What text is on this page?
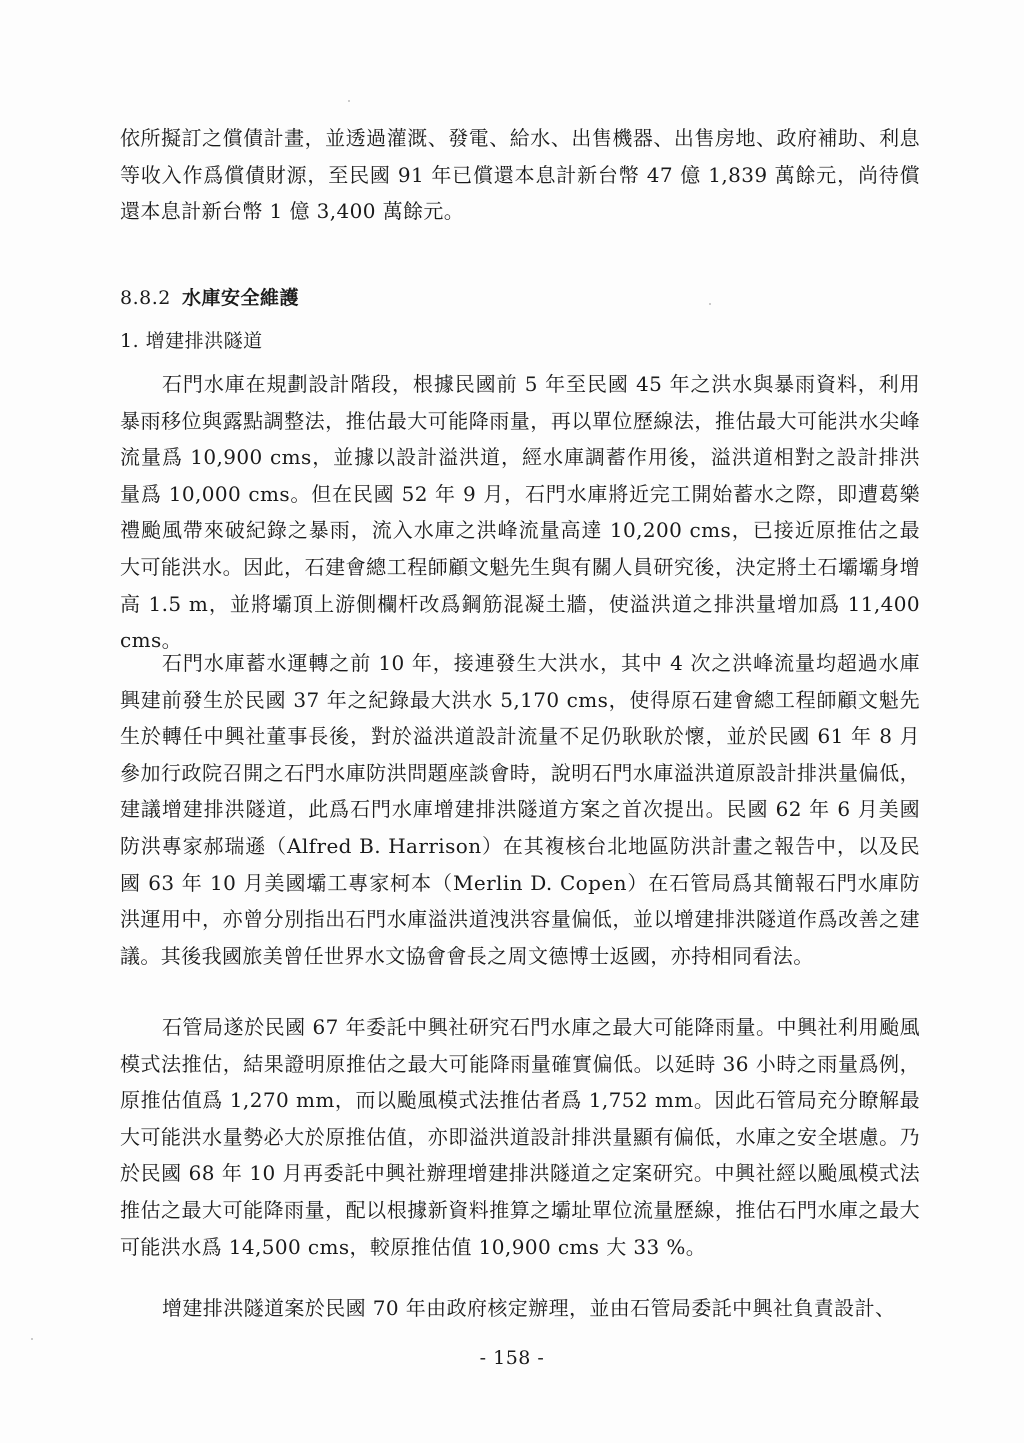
依所擬訂之償債計畫，並透過灌溉、發電、給水、出售機器、出售房地、政府補助、利息等收入作爲償債財源，至民國 91 年已償還本息計新台幣 47 億 1,839 萬餘元，尚待償還本息計新台幣 1 億 3,400 萬餘元。

8.8.2 水庫安全維護
1. 增建排洪隧道

石門水庫在規劃設計階段，根據民國前 5 年至民國 45 年之洪水與暴雨資料，利用暴雨移位與露點調整法，推估最大可能降雨量，再以單位歷線法，推估最大可能洪水尖峰流量爲 10,900 cms，並據以設計溢洪道，經水庫調蓄作用後，溢洪道相對之設計排洪量爲 10,000 cms。但在民國 52 年 9 月，石門水庫將近完工開始蓄水之際，即遭葛樂禮颱風帶來破紀錄之暴雨，流入水庫之洪峰流量高達 10,200 cms，已接近原推估之最大可能洪水。因此，石建會總工程師顧文魁先生與有關人員研究後，決定將土石壩壩身增高 1.5 m，並將壩頂上游側欄杆改爲鋼筋混凝土牆，使溢洪道之排洪量增加爲 11,400 cms。

石門水庫蓄水運轉之前 10 年，接連發生大洪水，其中 4 次之洪峰流量均超過水庫興建前發生於民國 37 年之紀錄最大洪水 5,170 cms，使得原石建會總工程師顧文魁先生於轉任中興社董事長後，對於溢洪道設計流量不足仍耿耿於懷，並於民國 61 年 8 月參加行政院召開之石門水庫防洪問題座談會時，說明石門水庫溢洪道原設計排洪量偏低，建議增建排洪隧道，此爲石門水庫增建排洪隧道方案之首次提出。民國 62 年 6 月美國防洪專家郝瑞遜（Alfred B. Harrison）在其複核台北地區防洪計畫之報告中，以及民國 63 年 10 月美國壩工專家柯本（Merlin D. Copen）在石管局爲其簡報石門水庫防洪運用中，亦曾分別指出石門水庫溢洪道洩洪容量偏低，並以增建排洪隧道作爲改善之建議。其後我國旅美曾任世界水文協會會長之周文德博士返國，亦持相同看法。

石管局遂於民國 67 年委託中興社研究石門水庫之最大可能降雨量。中興社利用颱風模式法推估，結果證明原推估之最大可能降雨量確實偏低。以延時 36 小時之雨量爲例，原推估值爲 1,270 mm，而以颱風模式法推估者爲 1,752 mm。因此石管局充分瞭解最大可能洪水量勢必大於原推估值，亦即溢洪道設計排洪量顯有偏低，水庫之安全堪慮。乃於民國 68 年 10 月再委託中興社辦理增建排洪隧道之定案研究。中興社經以颱風模式法推估之最大可能降雨量，配以根據新資料推算之壩址單位流量歷線，推估石門水庫之最大可能洪水爲 14,500 cms，較原推估值 10,900 cms 大 33 %。

增建排洪隧道案於民國 70 年由政府核定辦理，並由石管局委託中興社負責設計、

- 158 -
